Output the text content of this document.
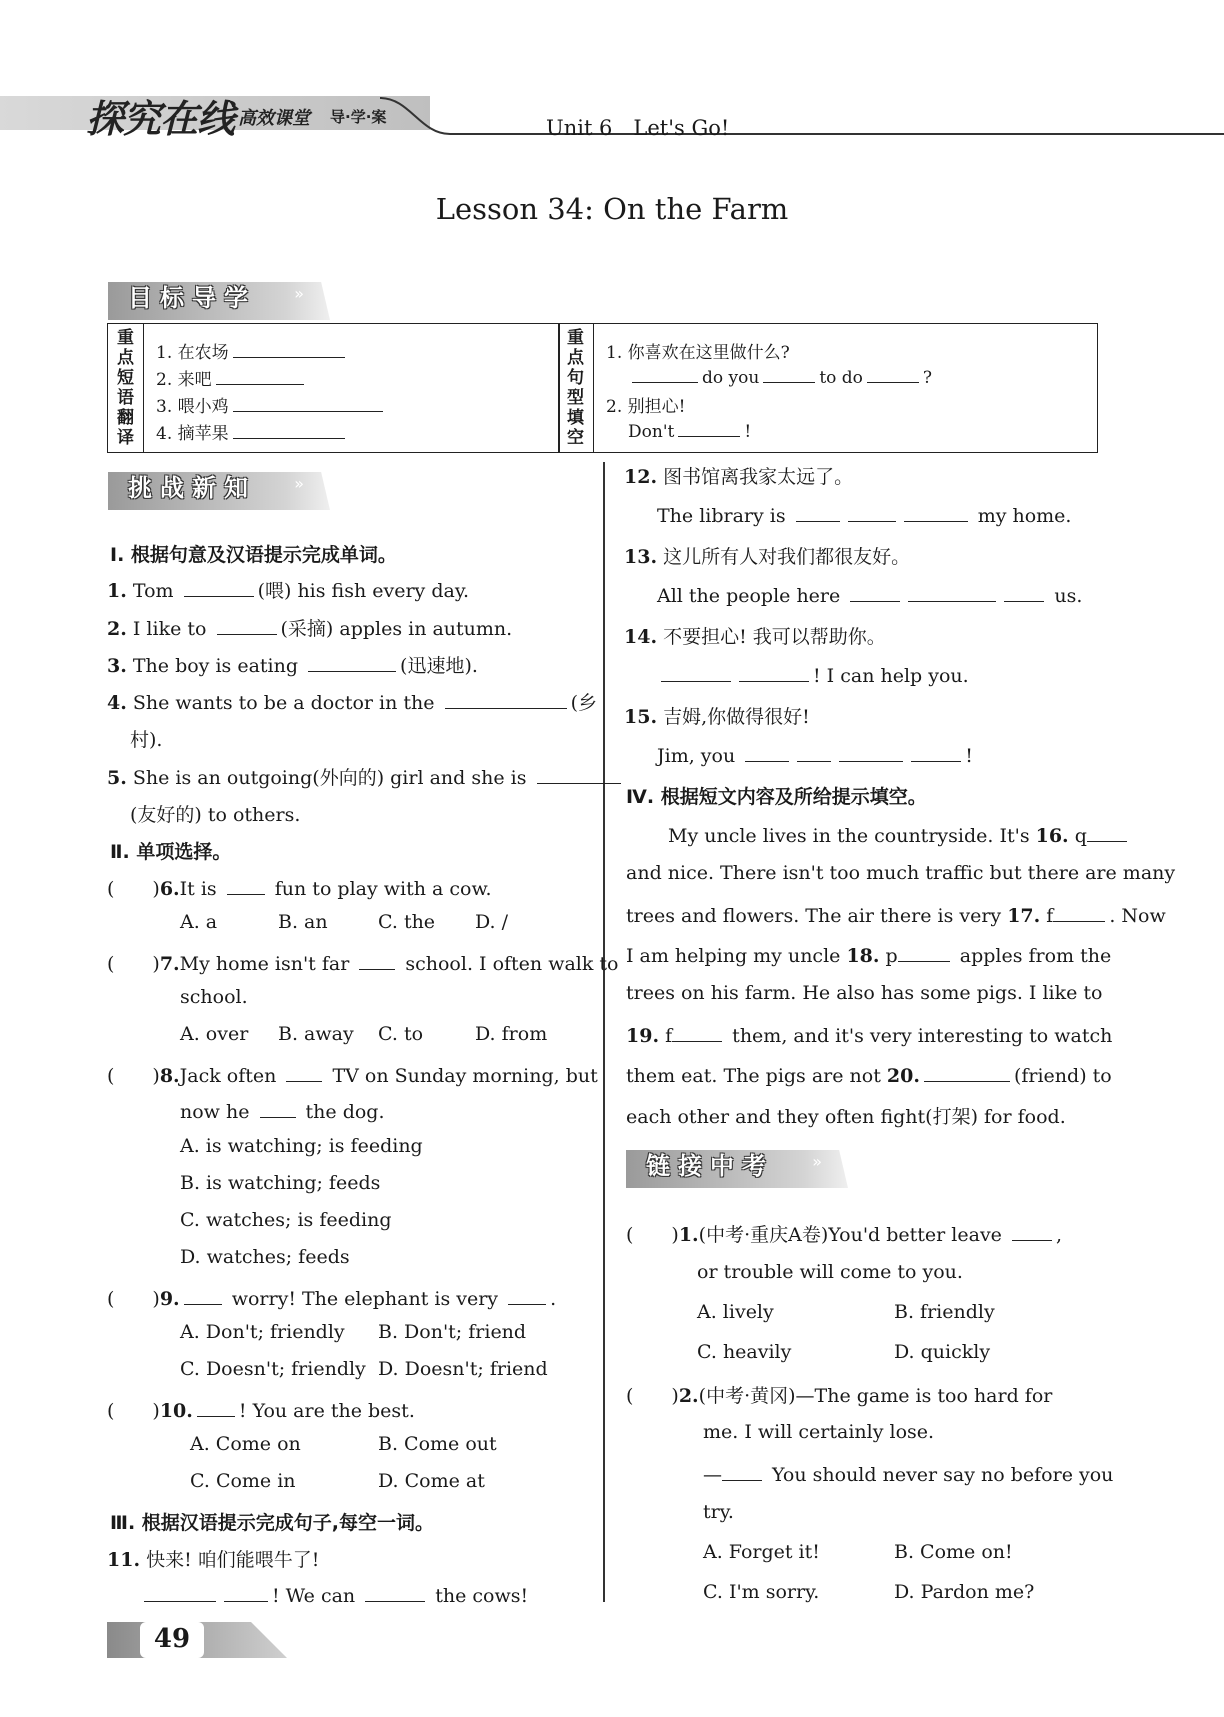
探究在线 高效课堂 导·学·案	Unit 6　Let's Go!
Lesson 34: On the Farm
目标导学 »
重
点
短
语
翻
译
1. 在农场
2. 来吧
3. 喂小鸡
4. 摘苹果
重
点
句
型
填
空
1. 你喜欢在这里做什么?
do you	to do	?
2. 别担心!
Don't	!
挑战新知 »
Ⅰ. 根据句意及汉语提示完成单词。
1. Tom	(喂) his fish every day.
2. I like to	(采摘) apples in autumn.
3. The boy is eating	(迅速地).
4. She wants to be a doctor in the	(乡
村).
5. She is an outgoing(外向的) girl and she is
(友好的) to others.
Ⅱ. 单项选择。
(　　)6.It is  fun to play with a cow.
A. a	B. an	C. the D. /
(　　)7.My home isn't far  school. I often walk to
school.
A. over B. away C. to	D. from
(　　)8.Jack often  TV on Sunday morning, but
now he  the dog.
A. is watching; is feeding
B. is watching; feeds
C. watches; is feeding
D. watches; feeds
(　　)9. worry! The elephant is very .
A. Don't; friendly B. Don't; friend
C. Doesn't; friendly D. Doesn't; friend
(　　)10. ! You are the best.
A. Come on	B. Come out
C. Come in	D. Come at
Ⅲ. 根据汉语提示完成句子,每空一词。
11. 快来! 咱们能喂牛了!
! We can	the cows!
12. 图书馆离我家太远了。
The library is	my home.
13. 这儿所有人对我们都很友好。
All the people here	us.
14. 不要担心! 我可以帮助你。
! I can help you.
15. 吉姆,你做得很好!
Jim, you	!
Ⅳ. 根据短文内容及所给提示填空。
My uncle lives in the countryside. It's 16. q
and nice. There isn't too much traffic but there are many
trees and flowers. The air there is very 17. f	. Now
I am helping my uncle 18. p	apples from the
trees on his farm. He also has some pigs. I like to
19. f	them, and it's very interesting to watch
them eat. The pigs are not 20.	(friend) to
each other and they often fight(打架) for food.
链接中考 »
(　　)1.(中考·重庆A卷)You'd better leave	,
or trouble will come to you.
A. lively	B. friendly
C. heavily	D. quickly
(　　)2.(中考·黄冈)—The game is too hard for
me. I will certainly lose.
— You should never say no before you
try.
A. Forget it!	B. Come on!
C. I'm sorry.	D. Pardon me?
49
